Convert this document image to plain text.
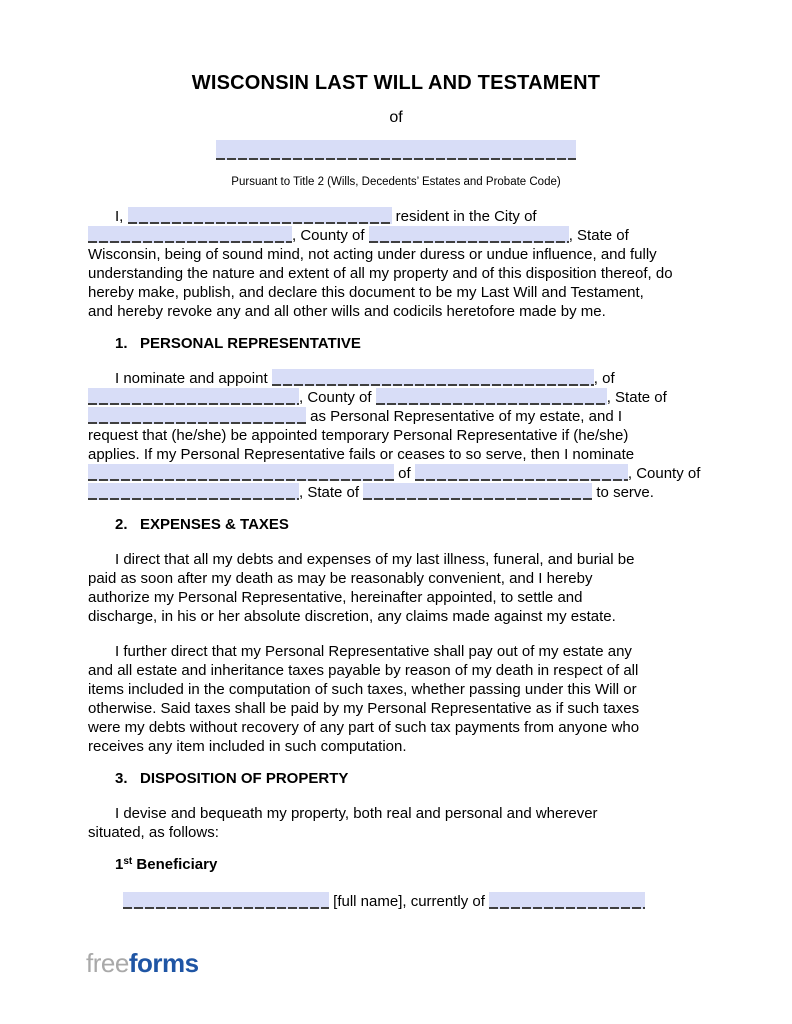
WISCONSIN LAST WILL AND TESTAMENT
of
Pursuant to Title 2 (Wills, Decedents’ Estates and Probate Code)

I,	resident in the City of
, County of	, State of
Wisconsin, being of sound mind, not acting under duress or undue influence, and fully
understanding the nature and extent of all my property and of this disposition thereof, do
hereby make, publish, and declare this document to be my Last Will and Testament,
and hereby revoke any and all other wills and codicils heretofore made by me.

1. PERSONAL REPRESENTATIVE

I nominate and appoint	, of
, County of	, State of
as Personal Representative of my estate, and I
request that (he/she) be appointed temporary Personal Representative if (he/she)
applies. If my Personal Representative fails or ceases to so serve, then I nominate
of	, County of
, State of	to serve.

2. EXPENSES & TAXES

I direct that all my debts and expenses of my last illness, funeral, and burial be
paid as soon after my death as may be reasonably convenient, and I hereby
authorize my Personal Representative, hereinafter appointed, to settle and
discharge, in his or her absolute discretion, any claims made against my estate.

I further direct that my Personal Representative shall pay out of my estate any
and all estate and inheritance taxes payable by reason of my death in respect of all
items included in the computation of such taxes, whether passing under this Will or
otherwise. Said taxes shall be paid by my Personal Representative as if such taxes
were my debts without recovery of any part of such tax payments from anyone who
receives any item included in such computation.

3. DISPOSITION OF PROPERTY

I devise and bequeath my property, both real and personal and wherever
situated, as follows:

1st Beneficiary

[full name], currently of

freeforms
